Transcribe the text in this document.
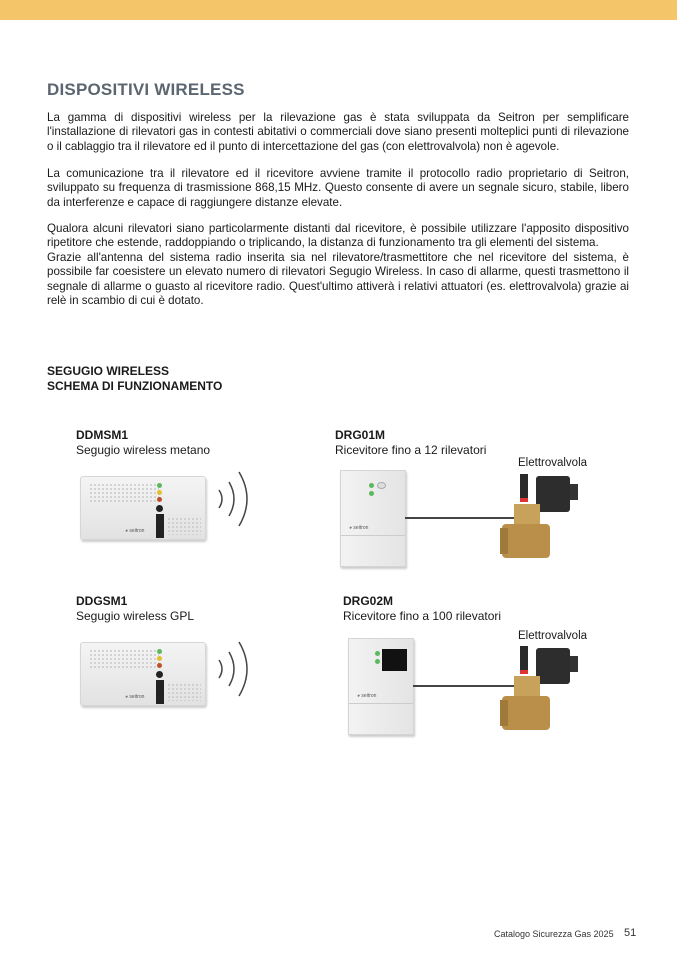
DISPOSITIVI WIRELESS
La gamma di dispositivi wireless per la rilevazione gas è stata sviluppata da Seitron per semplificare l'installazione di rilevatori gas in contesti abitativi o commerciali dove siano presenti molteplici punti di rilevazione o il cablaggio tra il rilevatore ed il punto di intercettazione del gas (con elettrovalvola) non è agevole.
La comunicazione tra il rilevatore ed il ricevitore avviene tramite il protocollo radio proprietario di Seitron, sviluppato su frequenza di trasmissione 868,15 MHz. Questo consente di avere un segnale sicuro, stabile, libero da interferenze e capace di raggiungere distanze elevate.
Qualora alcuni rilevatori siano particolarmente distanti dal ricevitore, è possibile utilizzare l'apposito dispositivo ripetitore che estende, raddoppiando o triplicando, la distanza di funzionamento tra gli elementi del sistema.
Grazie all'antenna del sistema radio inserita sia nel rilevatore/trasmettitore che nel ricevitore del sistema, è possibile far coesistere un elevato numero di rilevatori Segugio Wireless. In caso di allarme, questi trasmettono il segnale di allarme o guasto al ricevitore radio. Quest'ultimo attiverà i relativi attuatori (es. elettrovalvola) grazie ai relè in scambio di cui è dotato.
SEGUGIO WIRELESS
SCHEMA DI FUNZIONAMENTO
DDMSM1
Segugio wireless metano
DRG01M
Ricevitore fino a 12 rilevatori
Elettrovalvola
◕ seitron	◕ seitron
DDGSM1
Segugio wireless GPL
DRG02M
Ricevitore fino a 100 rilevatori
Elettrovalvola
◕ seitron	◕ seitron
Catalogo Sicurezza Gas 2025 51
